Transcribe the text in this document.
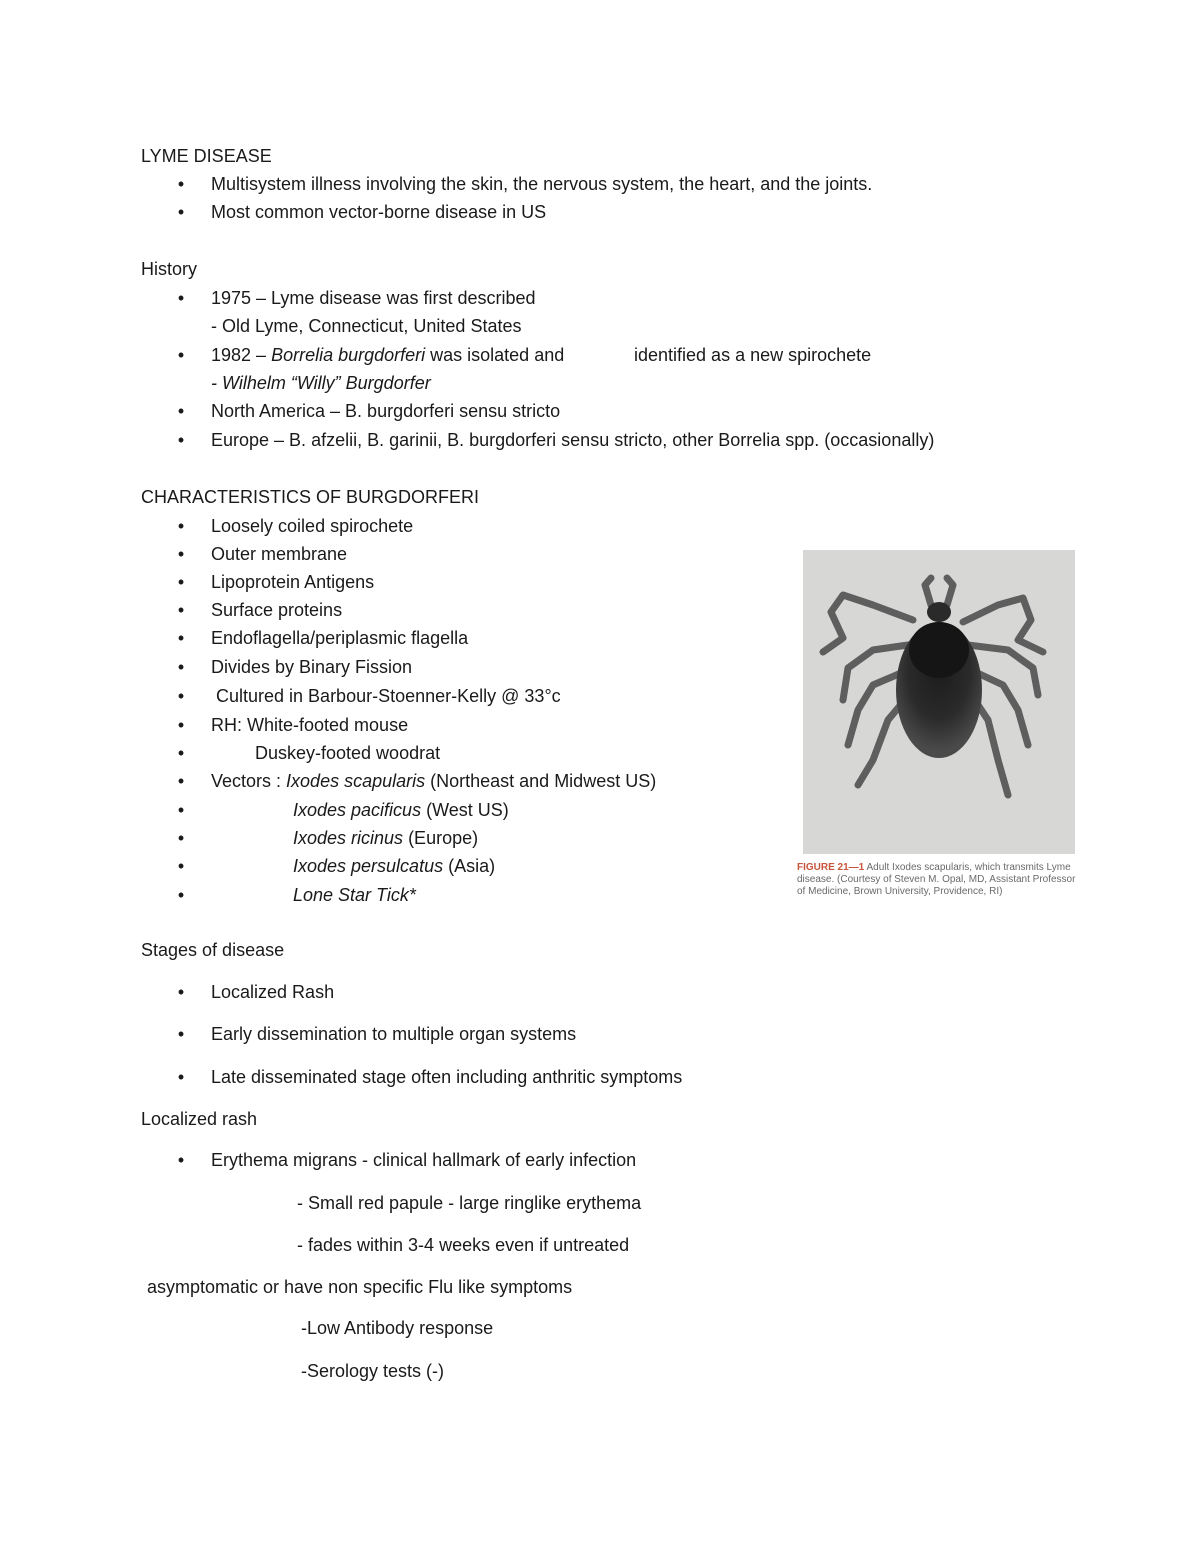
LYME DISEASE
•
Multisystem illness involving the skin, the nervous system, the heart, and the joints.
•
Most common vector-borne disease in US
History
•
1975 – Lyme disease was first described
- Old Lyme, Connecticut, United States
•
1982 – Borrelia burgdorferi was isolated and	identified as a new spirochete
- Wilhelm “Willy” Burgdorfer
•
North America – B. burgdorferi sensu stricto
•
Europe – B. afzelii, B. garinii, B. burgdorferi sensu stricto, other Borrelia spp. (occasionally)
CHARACTERISTICS OF BURGDORFERI
•
Loosely coiled spirochete
•
Outer membrane
•
Lipoprotein Antigens
•
Surface proteins
•
Endoflagella/periplasmic flagella
•
Divides by Binary Fission
•
Cultured in Barbour-Stoenner-Kelly @ 33°c
•
RH: White-footed mouse
•
Duskey-footed woodrat
•
Vectors : Ixodes scapularis (Northeast and Midwest US)
•
Ixodes pacificus (West US)
•
Ixodes ricinus (Europe)
•
Ixodes persulcatus (Asia)
•
Lone Star Tick*
FIGURE 21—1 Adult Ixodes scapularis, which transmits Lyme disease. (Courtesy of Steven M. Opal, MD, Assistant Professor of Medicine, Brown University, Providence, RI)
Stages of disease
•
Localized Rash
•
Early dissemination to multiple organ systems
•
Late disseminated stage often including anthritic symptoms
Localized rash
•
Erythema migrans - clinical hallmark of early infection
- Small red papule - large ringlike erythema
- fades within 3-4 weeks even if untreated
asymptomatic or have non specific Flu like symptoms
-Low Antibody response
-Serology tests (-)
